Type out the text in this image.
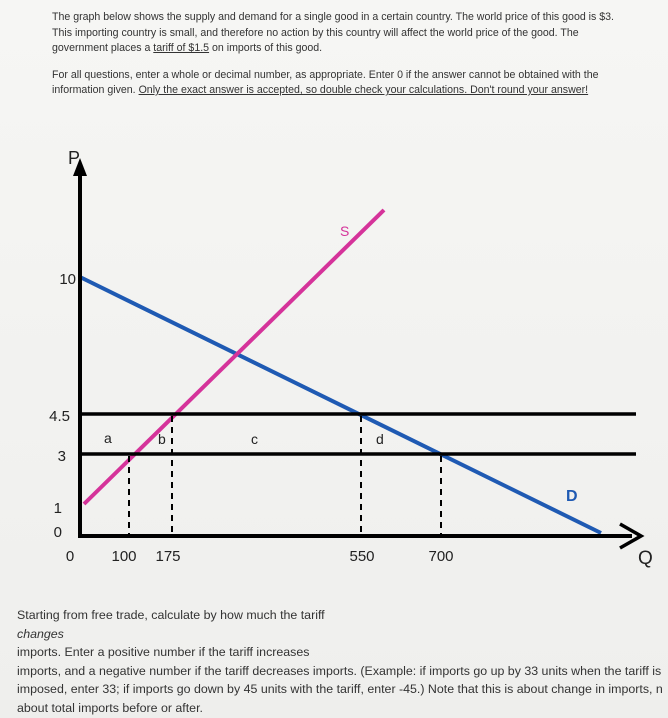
The graph below shows the supply and demand for a single good in a certain country. The world price of this good is $3.
This importing country is small, and therefore no action by this country will affect the world price of the good. The
government places a tariff of $1.5 on imports of this good.

For all questions, enter a whole or decimal number, as appropriate. Enter 0 if the answer cannot be obtained with the
information given. Only the exact answer is accepted, so double check your calculations. Don't round your answer!

P
Q
10
4.5
3
1
0
0 100 175	550	700
a	b	c	d
S
D
Starting from free trade, calculate by how much the tariff
changes
imports. Enter a positive number if the tariff increases
imports, and a negative number if the tariff decreases imports. (Example: if imports go up by 33 units when the tariff is
imposed, enter 33; if imports go down by 45 units with the tariff, enter -45.) Note that this is about change in imports, n
about total imports before or after.
